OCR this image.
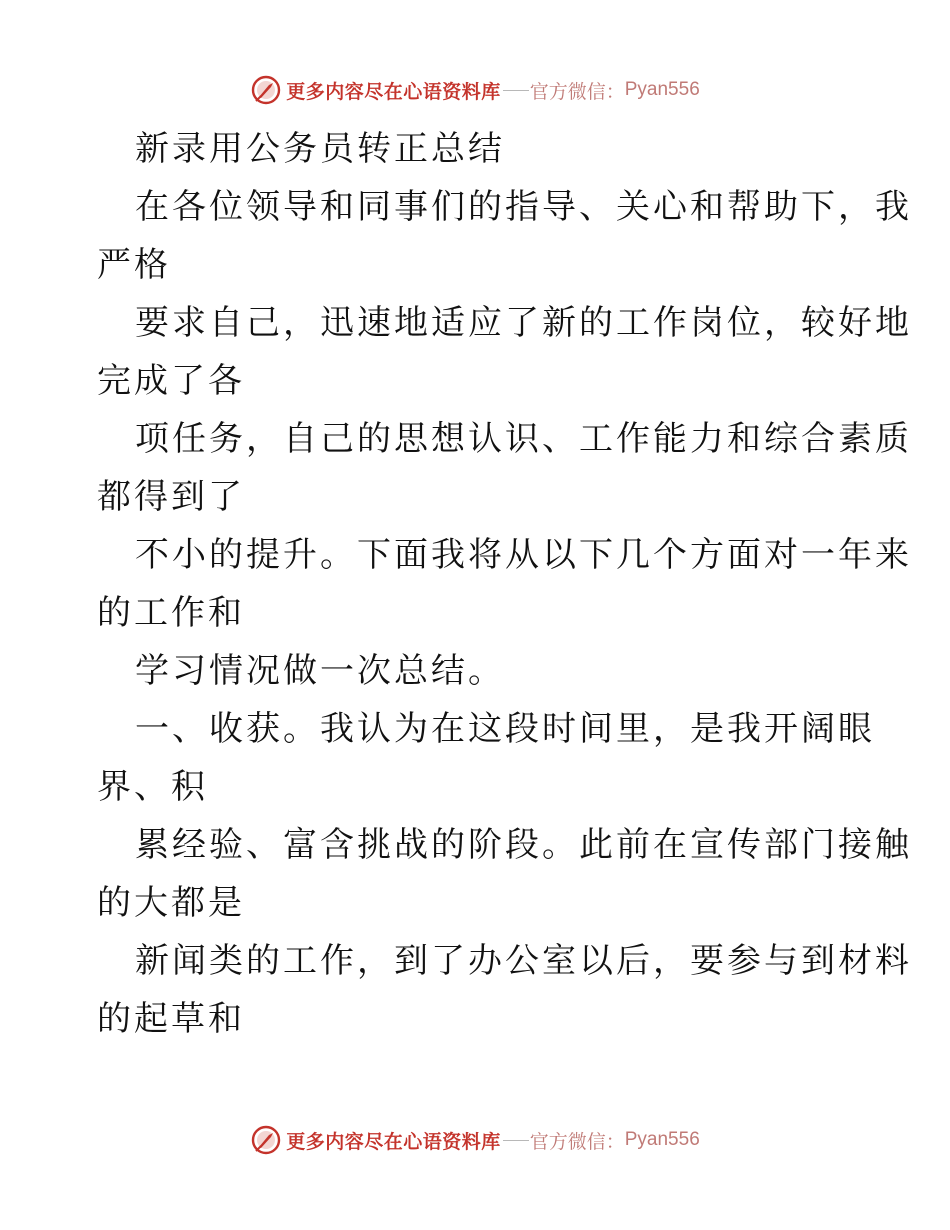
更多内容尽在心语资料库 官方微信： Pyan556
新录用公务员转正总结
在各位领导和同事们的指导、关心和帮助下，我
严格
要求自己，迅速地适应了新的工作岗位，较好地
完成了各
项任务，自己的思想认识、工作能力和综合素质
都得到了
不小的提升。下面我将从以下几个方面对一年来
的工作和
学习情况做一次总结。
一、收获。我认为在这段时间里，是我开阔眼
界、积
累经验、富含挑战的阶段。此前在宣传部门接触
的大都是
新闻类的工作，到了办公室以后，要参与到材料
的起草和
更多内容尽在心语资料库 官方微信： Pyan556
